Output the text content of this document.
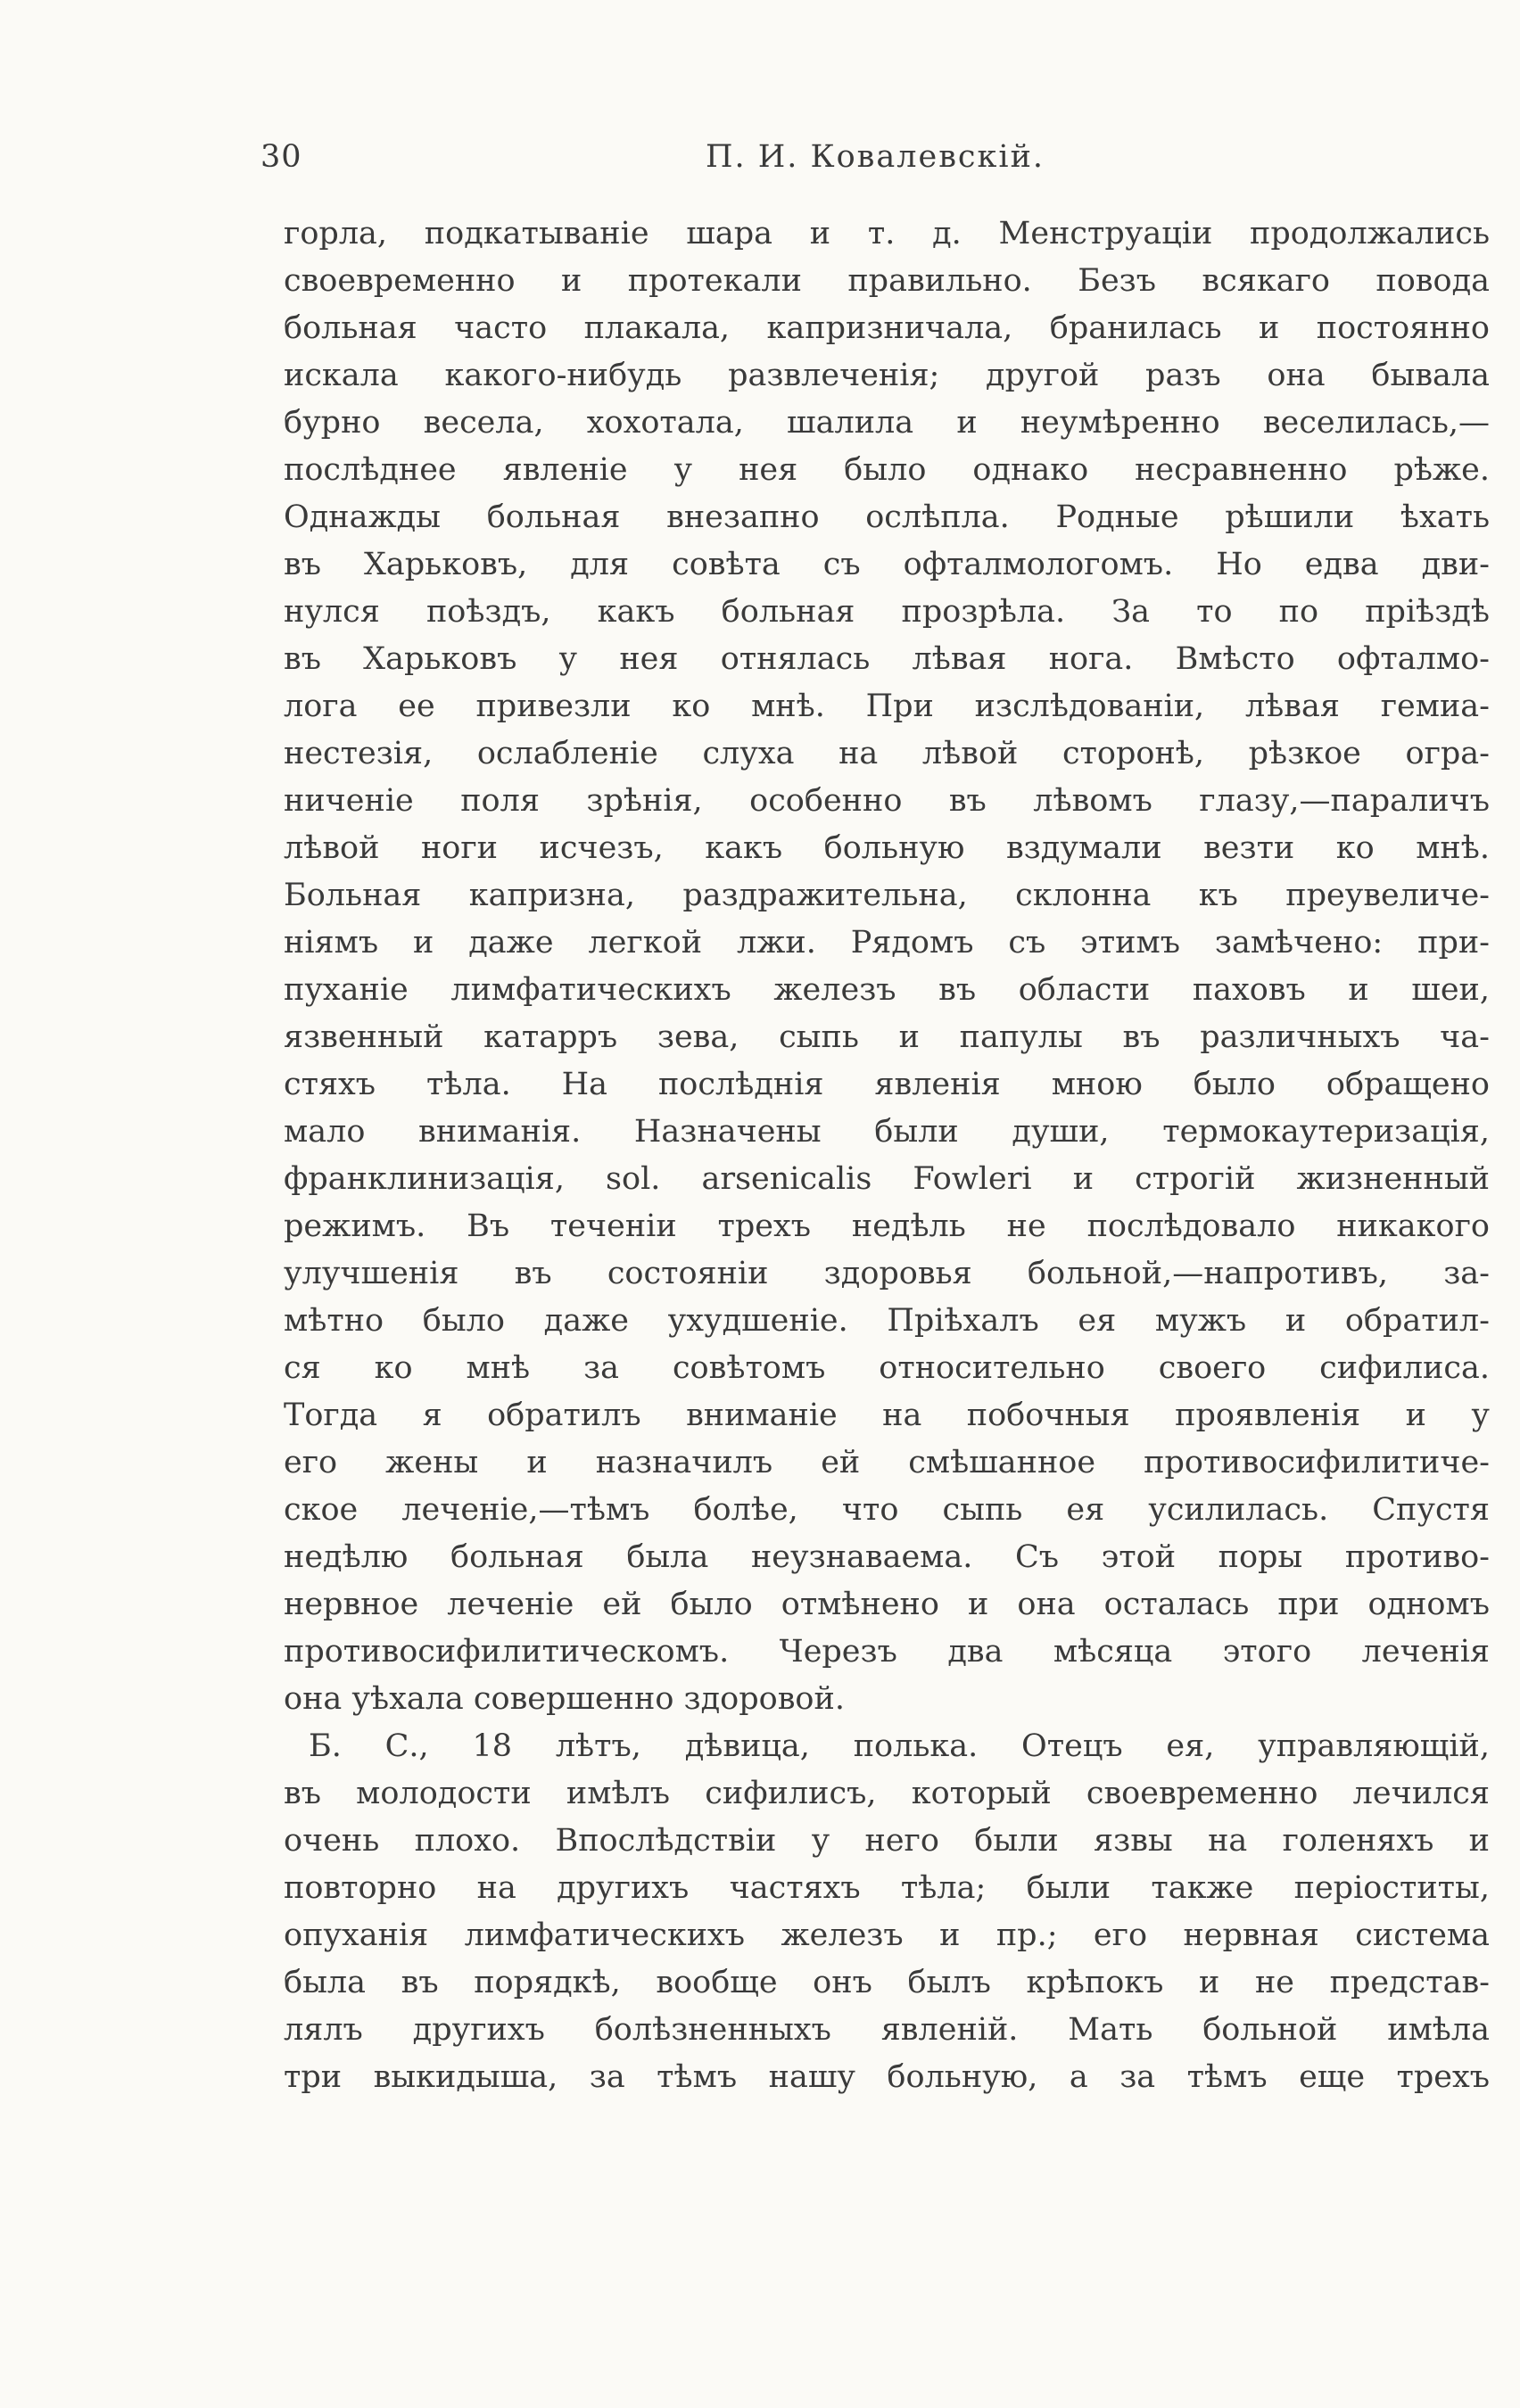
30	П. И. Ковалевскій.
горла, подкатываніе шара и т. д. Менструаціи продолжались
своевременно и протекали правильно. Безъ всякаго повода
больная часто плакала, капризничала, бранилась и постоянно
искала какого-нибудь развлеченія; другой разъ она бывала
бурно весела, хохотала, шалила и неумѣренно веселилась,—
послѣднее явленіе у нея было однако несравненно рѣже.
Однажды больная внезапно ослѣпла. Родные рѣшили ѣхать
въ Харьковъ, для совѣта съ офталмологомъ. Но едва дви-
нулся поѣздъ, какъ больная прозрѣла. За то по пріѣздѣ
въ Харьковъ у нея отнялась лѣвая нога. Вмѣсто офталмо-
лога ее привезли ко мнѣ. При изслѣдованіи, лѣвая гемиа-
нестезія, ослабленіе слуха на лѣвой сторонѣ, рѣзкое огра-
ниченіе поля зрѣнія, особенно въ лѣвомъ глазу,—параличъ
лѣвой ноги исчезъ, какъ больную вздумали везти ко мнѣ.
Больная капризна, раздражительна, склонна къ преувеличе-
ніямъ и даже легкой лжи. Рядомъ съ этимъ замѣчено: при-
пуханіе лимфатическихъ железъ въ области паховъ и шеи,
язвенный катарръ зева, сыпь и папулы въ различныхъ ча-
стяхъ тѣла. На послѣднія явленія мною было обращено
мало вниманія. Назначены были души, термокаутеризація,
франклинизація, sol. arsenicalis Fowleri и строгій жизненный
режимъ. Въ теченіи трехъ недѣль не послѣдовало никакого
улучшенія въ состояніи здоровья больной,—напротивъ, за-
мѣтно было даже ухудшеніе. Пріѣхалъ ея мужъ и обратил-
ся ко мнѣ за совѣтомъ относительно своего сифилиса.
Тогда я обратилъ вниманіе на побочныя проявленія и у
его жены и назначилъ ей смѣшанное противосифилитиче-
ское леченіе,—тѣмъ болѣе, что сыпь ея усилилась. Спустя
недѣлю больная была неузнаваема. Съ этой поры противо-
нервное леченіе ей было отмѣнено и она осталась при одномъ
противосифилитическомъ. Черезъ два мѣсяца этого леченія
она уѣхала совершенно здоровой.
Б. С., 18 лѣтъ, дѣвица, полька. Отецъ ея, управляющій,
въ молодости имѣлъ сифилисъ, который своевременно лечился
очень плохо. Впослѣдствіи у него были язвы на голеняхъ и
повторно на другихъ частяхъ тѣла; были также періоститы,
опуханія лимфатическихъ железъ и пр.; его нервная система
была въ порядкѣ, вообще онъ былъ крѣпокъ и не представ-
лялъ другихъ болѣзненныхъ явленій. Мать больной имѣла
три выкидыша, за тѣмъ нашу больную, а за тѣмъ еще трехъ
